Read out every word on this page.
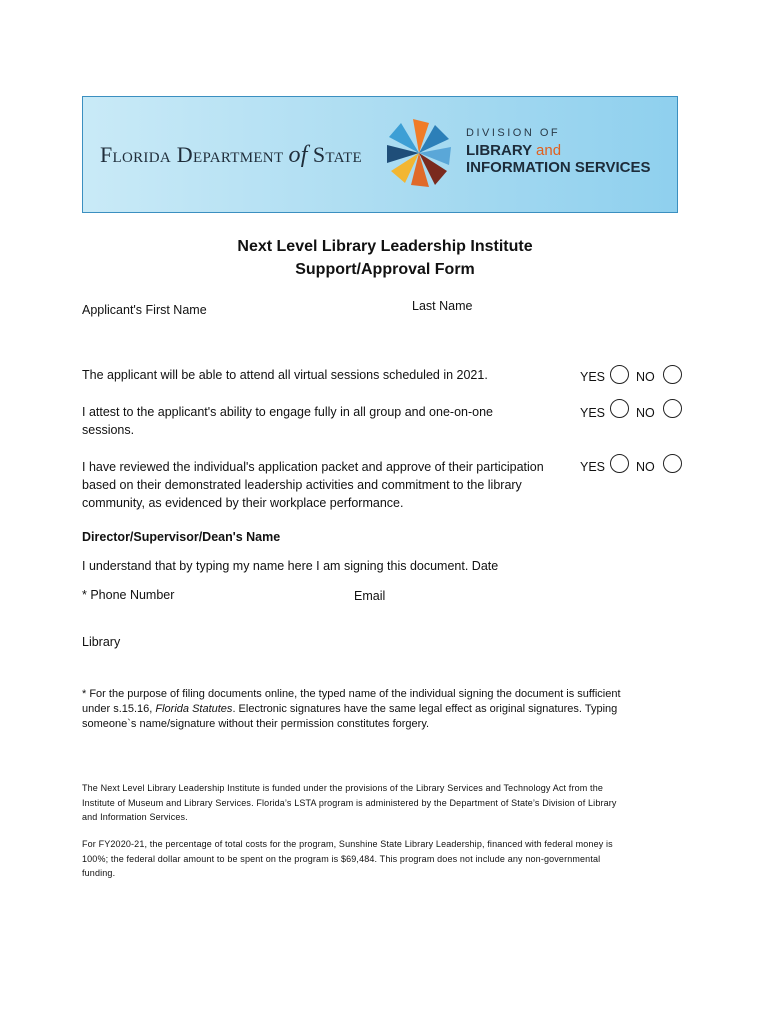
Florida Department of State
DIVISION OF
LIBRARY and
INFORMATION SERVICES
Next Level Library Leadership Institute
Support/Approval Form
Applicant's First Name	Last Name
The applicant will be able to attend all virtual sessions scheduled in 2021.	YES NO
I attest to the applicant's ability to engage fully in all group and one-on-one
sessions.
YES NO
I have reviewed the individual's application packet and approve of their participation
based on their demonstrated leadership activities and commitment to the library
community, as evidenced by their workplace performance.
YES NO
Director/Supervisor/Dean's Name
I understand that by typing my name here I am signing this document. Date
* Phone Number	Email
Library
* For the purpose of filing documents online, the typed name of the individual signing the document is sufficient
under s.15.16, Florida Statutes. Electronic signatures have the same legal effect as original signatures. Typing
someone`s name/signature without their permission constitutes forgery.
The Next Level Library Leadership Institute is funded under the provisions of the Library Services and Technology Act from the
Institute of Museum and Library Services. Florida’s LSTA program is administered by the Department of State’s Division of Library
and Information Services.
For FY2020-21, the percentage of total costs for the program, Sunshine State Library Leadership, financed with federal money is
100%; the federal dollar amount to be spent on the program is $69,484. This program does not include any non-governmental
funding.
